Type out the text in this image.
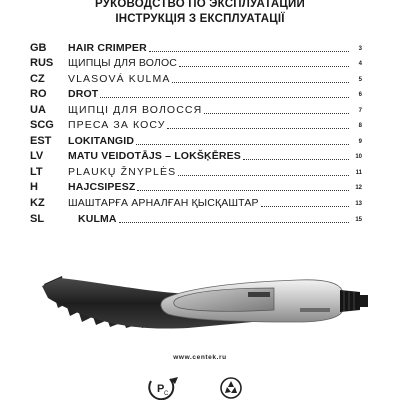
РУКОВОДСТВО ПО ЭКСПЛУАТАЦИИ
ІНСТРУКЦІЯ З ЕКСПЛУАТАЦІЇ
GB	HAIR CRIMPER	3
RUS	ЩИПЦЫ ДЛЯ ВОЛОС	4
CZ	VLASOVÁ KULMA	5
RO	DROT	6
UA	ЩИПЦІ ДЛЯ ВОЛОССЯ	7
SCG	ПРЕСА ЗА КОСУ	8
EST	LOKITANGID	9
LV	MATU VEIDOTĀJS – LOKŠĶĒRES	10
LT	PLAUKŲ ŽNYPLĖS	11
H	HAJCSIPESZ	12
KZ	ШАШТАРҒА АРНАЛҒАН ҚЫСҚАШТАР	13
SL	KULMA	15
www.centek.ru
Р С
